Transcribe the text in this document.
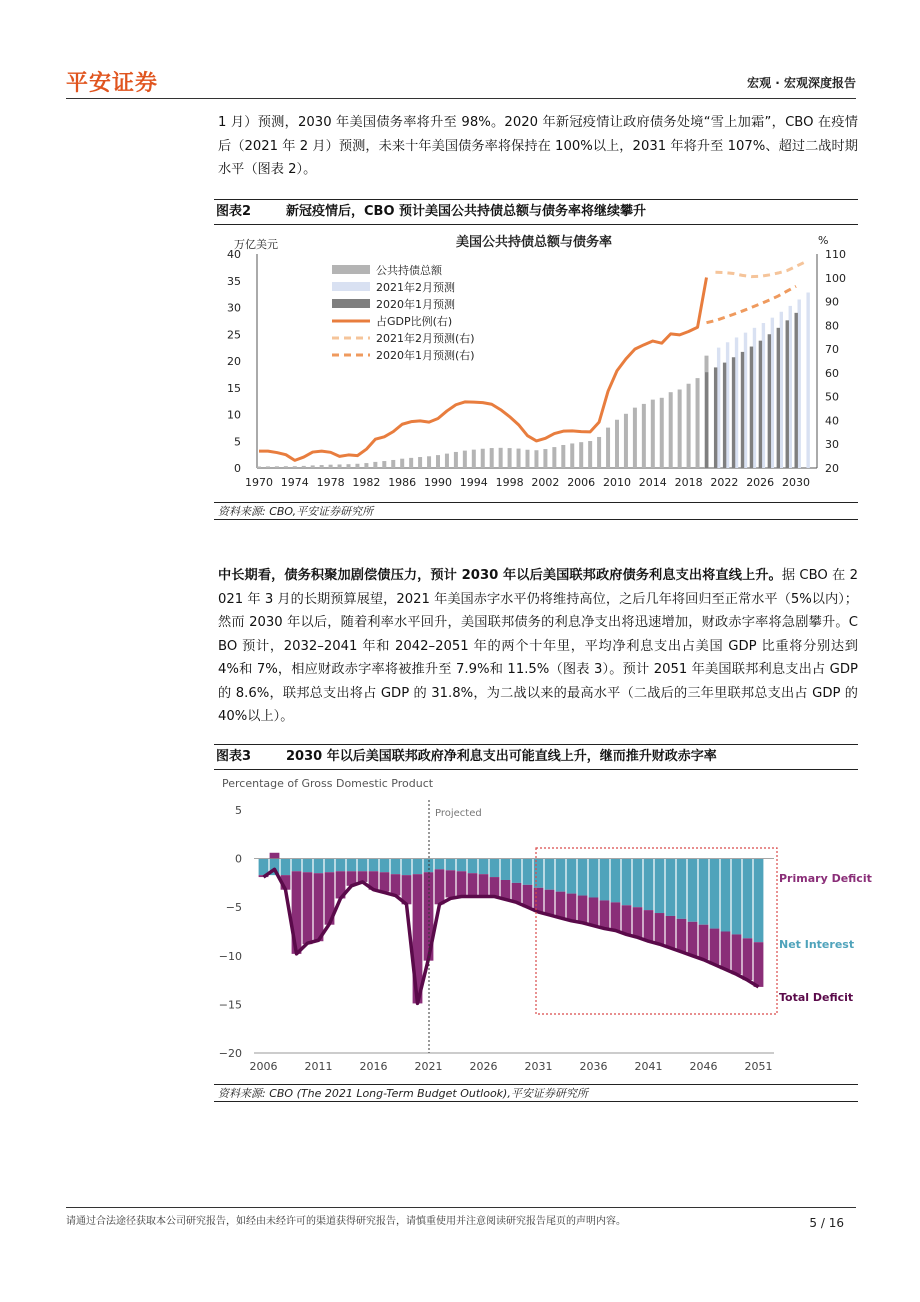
平安证券	宏观 · 宏观深度报告

1 月）预测，2030 年美国债务率将升至 98%。2020 年新冠疫情让政府债务处境“雪上加霜”，CBO 在疫情后（2021 年 2 月）预测，未来十年美国债务率将保持在 100%以上，2031 年将升至 107%、超过二战时期水平（图表 2）。

图表2	新冠疫情后，CBO 预计美国公共持债总额与债务率将继续攀升
美国公共持债总额与债务率
万亿美元	%
0
5
10
15
20
25
30
35
40
20
30
40
50
60
70
80
90
100
110
1970 1974 1978 1982 1986 1990 1994 1998 2002 2006 2010 2014 2018 2022 2026 2030
公共持债总额
2021年2月预测
2020年1月预测
占GDP比例(右)
2021年2月预测(右)
2020年1月预测(右)
资料来源: CBO,平安证券研究所

中长期看，债务积聚加剧偿债压力，预计 2030 年以后美国联邦政府债务利息支出将直线上升。据 CBO 在 2021 年 3 月的长期预算展望，2021 年美国赤字水平仍将维持高位，之后几年将回归至正常水平（5%以内）；然而 2030 年以后，随着利率水平回升，美国联邦债务的利息净支出将迅速增加，财政赤字率将急剧攀升。CBO 预计，2032–2041 年和 2042–2051 年的两个十年里，平均净利息支出占美国 GDP 比重将分别达到 4%和 7%，相应财政赤字率将被推升至 7.9%和 11.5%（图表 3）。预计 2051 年美国联邦利息支出占 GDP 的 8.6%，联邦总支出将占 GDP 的 31.8%，为二战以来的最高水平（二战后的三年里联邦总支出占 GDP 的 40%以上）。

图表3	2030 年以后美国联邦政府净利息支出可能直线上升，继而推升财政赤字率
Percentage of Gross Domestic Product
5
0
−5
−10
−15
−20
2006 2011 2016 2021 2026 2031 2036 2041 2046 2051
Projected
Primary Deficit
Net Interest
Total Deficit
资料来源: CBO (The 2021 Long-Term Budget Outlook),平安证券研究所
请通过合法途径获取本公司研究报告，如经由未经许可的渠道获得研究报告，请慎重使用并注意阅读研究报告尾页的声明内容。	5 / 16
